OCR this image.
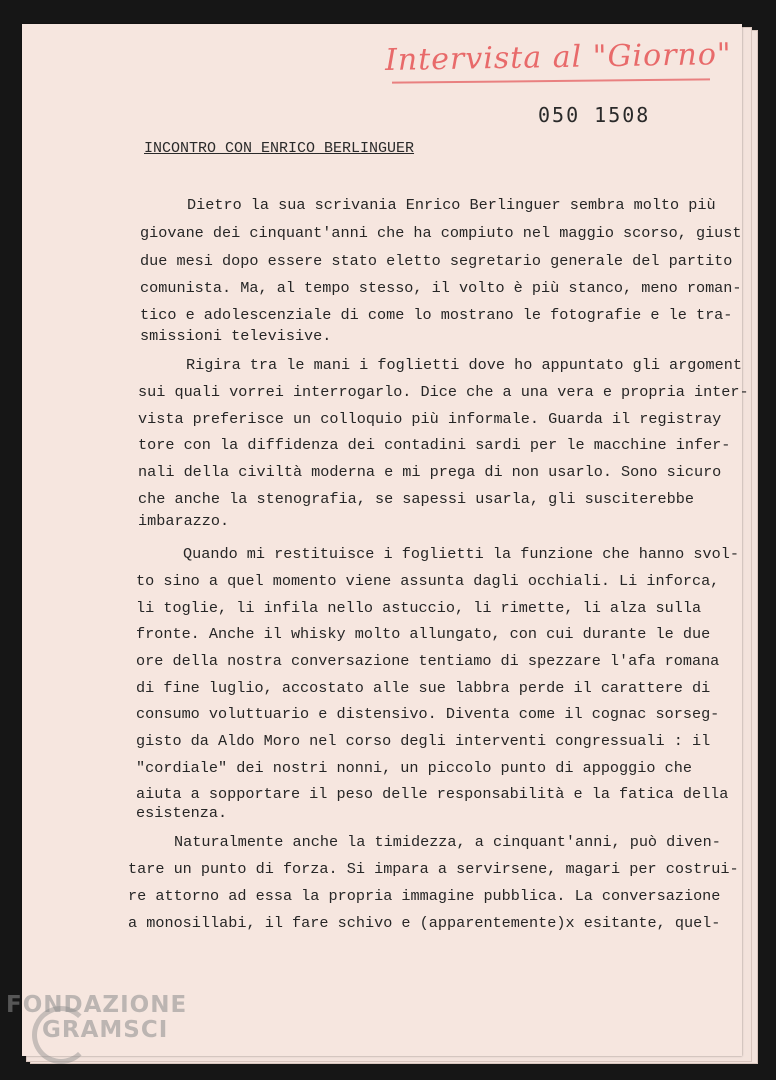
Intervista al "Giorno"
050 1508
INCONTRO CON ENRICO BERLINGUER
Dietro la sua scrivania Enrico Berlinguer sembra molto più
giovane dei cinquant'anni che ha compiuto nel maggio scorso, giust
due mesi dopo essere stato eletto segretario generale del partito
comunista. Ma, al tempo stesso, il volto è più stanco, meno roman-
tico e adolescenziale di come lo mostrano le fotografie e le tra-
smissioni televisive.
Rigira tra le mani i foglietti dove ho appuntato gli argoment
sui quali vorrei interrogarlo. Dice che a una vera e propria inter-
vista preferisce un colloquio più informale. Guarda il registray
tore con la diffidenza dei contadini sardi per le macchine infer-
nali della civiltà moderna e mi prega di non usarlo. Sono sicuro
che anche la stenografia, se sapessi usarla, gli susciterebbe
imbarazzo.
Quando mi restituisce i foglietti la funzione che hanno svol-
to sino a quel momento viene assunta dagli occhiali. Li inforca,
li toglie, li infila nello astuccio, li rimette, li alza sulla
fronte. Anche il whisky molto allungato, con cui durante le due
ore della nostra conversazione tentiamo di spezzare l'afa romana
di fine luglio, accostato alle sue labbra perde il carattere di
consumo voluttuario e distensivo. Diventa come il cognac sorseg-
gisto da Aldo Moro nel corso degli interventi congressuali : il
"cordiale" dei nostri nonni, un piccolo punto di appoggio che
aiuta a sopportare il peso delle responsabilità e la fatica della
esistenza.
Naturalmente anche la timidezza, a cinquant'anni, può diven-
tare un punto di forza. Si impara a servirsene, magari per costrui-
re attorno ad essa la propria immagine pubblica. La conversazione
a monosillabi, il fare schivo e (apparentemente)x esitante, quel-
FONDAZIONE
GRAMSCI
